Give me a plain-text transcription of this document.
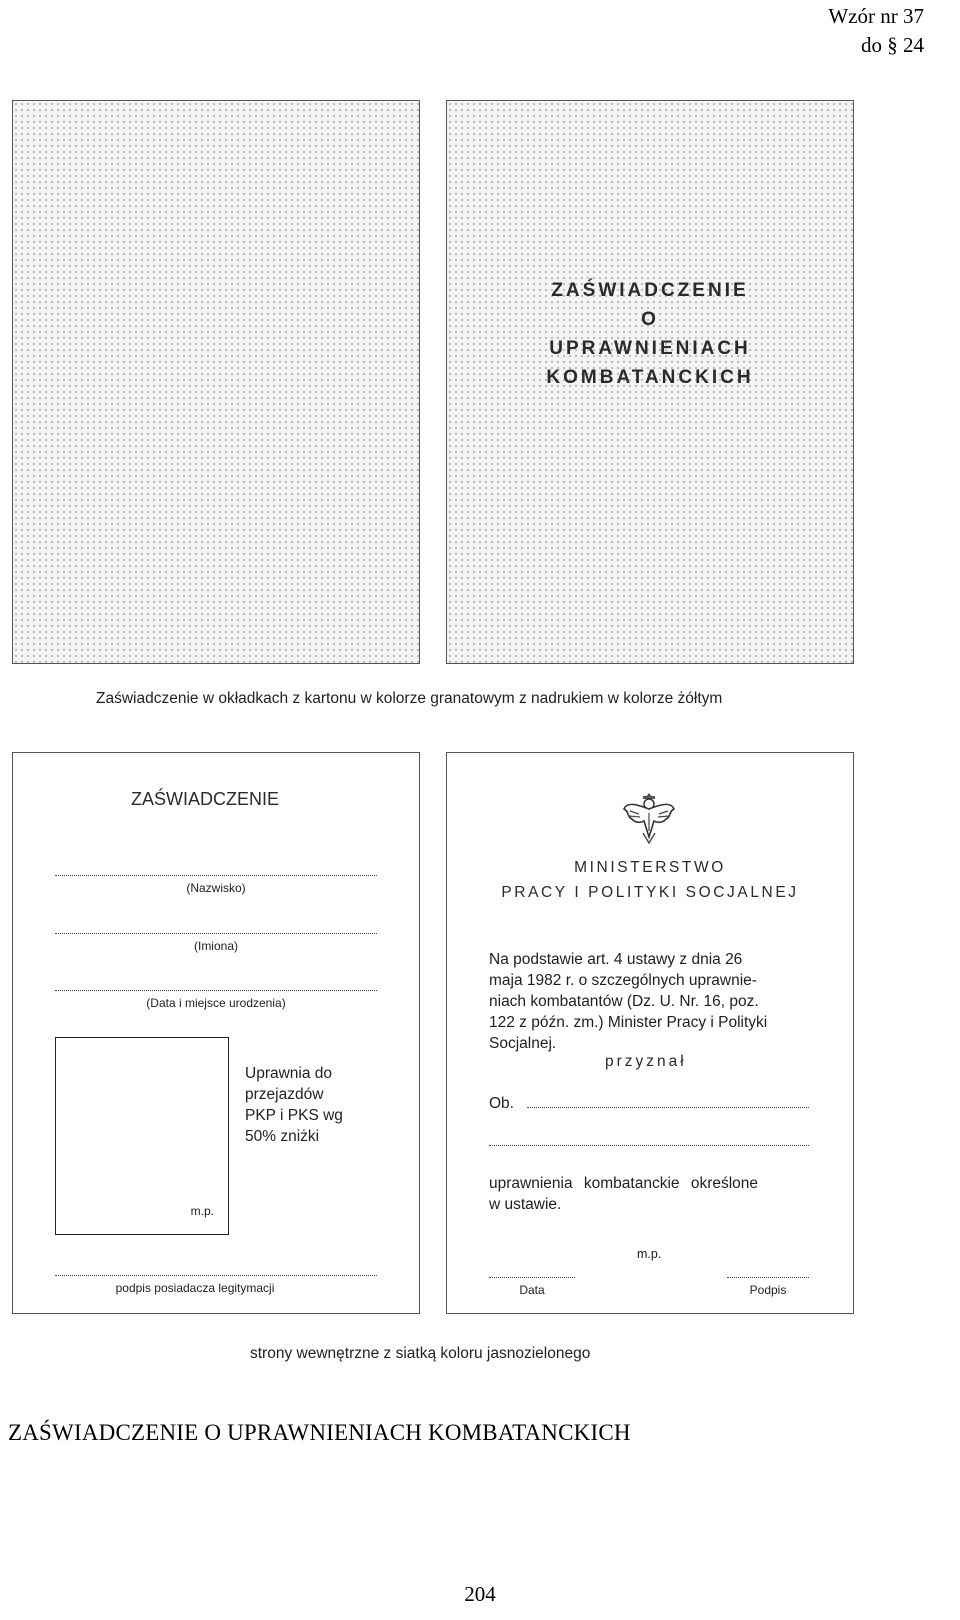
Wzór nr 37
do § 24
ZAŚWIADCZENIE
O
UPRAWNIENIACH
KOMBATANCKICH
Zaświadczenie w okładkach z kartonu w kolorze granatowym z nadrukiem w kolorze żółtym
ZAŚWIADCZENIE
(Nazwisko)
(Imiona)
(Data i miejsce urodzenia)
m.p.
Uprawnia do
przejazdów
PKP i PKS wg
50% zniżki
podpis posiadacza legitymacji
MINISTERSTWO
PRACY I POLITYKI SOCJALNEJ
Na podstawie art. 4 ustawy z dnia 26
maja 1982 r. o szczególnych uprawnie-
niach kombatantów (Dz. U. Nr. 16, poz.
122 z późn. zm.) Minister Pracy i Polityki
Socjalnej.
przyznał
Ob.
uprawnienia kombatanckie określone
w ustawie.
m.p.
Data	Podpis
strony wewnętrzne z siatką koloru jasnozielonego
ZAŚWIADCZENIE O UPRAWNIENIACH KOMBATANCKICH
204
